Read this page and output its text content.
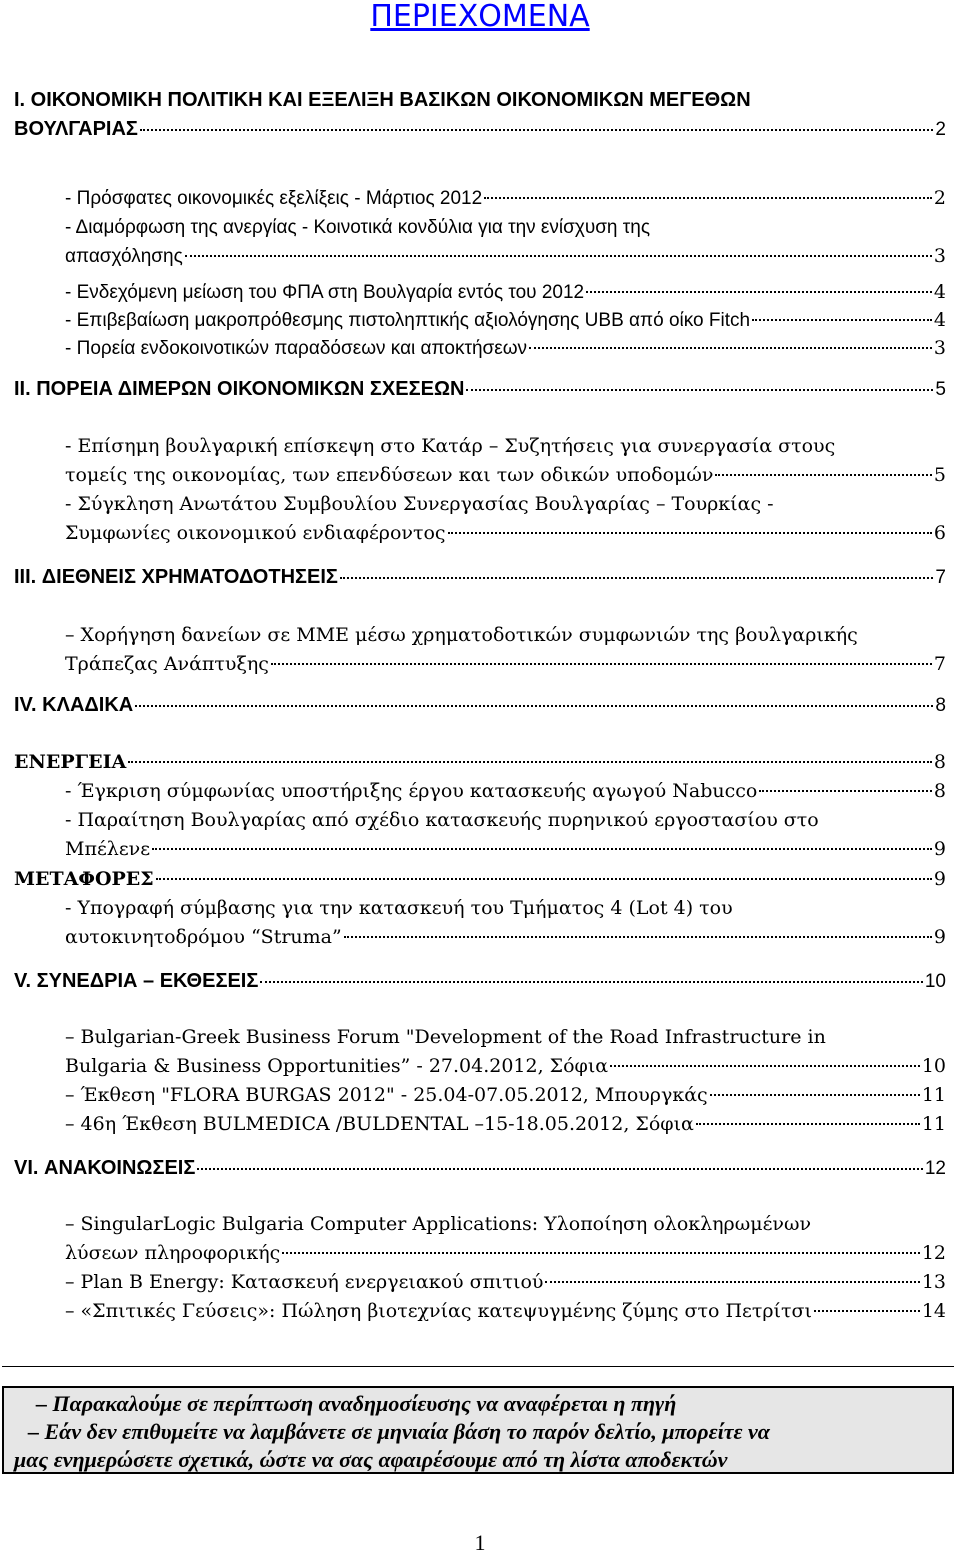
ΠΕΡΙΕΧΟΜΕΝΑ
I. ΟΙΚΟΝΟΜΙΚΗ ΠΟΛΙΤΙΚΗ ΚΑΙ ΕΞΕΛΙΞΗ ΒΑΣΙΚΩΝ ΟΙΚΟΝΟΜΙΚΩΝ ΜΕΓΕΘΩΝ
ΒΟΥΛΓΑΡΙΑΣ	2
- Πρόσφατες οικονομικές εξελίξεις - Μάρτιος 2012	2
- Διαμόρφωση της ανεργίας - Κοινοτικά κονδύλια για την ενίσχυση της
απασχόλησης	3
- Ενδεχόμενη μείωση του ΦΠΑ στη Βουλγαρία εντός του 2012	4
- Επιβεβαίωση μακροπρόθεσμης πιστοληπτικής αξιολόγησης UBB από οίκο Fitch	4
- Πορεία ενδοκοινοτικών παραδόσεων και αποκτήσεων	3
II. ΠΟΡΕΙΑ ΔΙΜΕΡΩΝ ΟΙΚΟΝΟΜΙΚΩΝ ΣΧΕΣΕΩΝ	5
- Επίσημη βουλγαρική επίσκεψη στο Κατάρ – Συζητήσεις για συνεργασία στους
τομείς της οικονομίας, των επενδύσεων και των οδικών υποδομών	5
- Σύγκληση Ανωτάτου Συμβουλίου Συνεργασίας Βουλγαρίας – Τουρκίας -
Συμφωνίες οικονομικού ενδιαφέροντος	6
III. ΔΙΕΘΝΕΙΣ ΧΡΗΜΑΤΟΔΟΤΗΣΕΙΣ	7
– Χορήγηση δανείων σε ΜΜΕ μέσω χρηματοδοτικών συμφωνιών της βουλγαρικής
Τράπεζας Ανάπτυξης	7
IV. ΚΛΑΔΙΚΑ	8
ΕΝΕΡΓΕΙΑ	8
- Έγκριση σύμφωνίας υποστήριξης έργου κατασκευής αγωγού Nabucco	8
- Παραίτηση Βουλγαρίας από σχέδιο κατασκευής πυρηνικού εργοστασίου στο
Μπέλενε	9
ΜΕΤΑΦΟΡΕΣ	9
- Υπογραφή σύμβασης για την κατασκευή του Τμήματος 4 (Lot 4) του
αυτοκινητοδρόμου “Struma”	9
V. ΣΥΝΕΔΡΙΑ – ΕΚΘΕΣΕΙΣ	10
– Bulgarian-Greek Business Forum "Development of the Road Infrastructure in
Bulgaria & Business Opportunities” - 27.04.2012, Σόφια	10
– Έκθεση "FLORA BURGAS 2012" - 25.04-07.05.2012, Μπουργκάς	11
– 46η Έκθεση BULMEDICA /BULDENTAL –15-18.05.2012, Σόφια	11
VI. ΑΝΑΚΟΙΝΩΣΕΙΣ	12
– SingularLogic Bulgaria Computer Applications: Υλοποίηση ολοκληρωμένων
λύσεων πληροφορικής	12
– Plan B Energy: Κατασκευή ενεργειακού σπιτιού	13
– «Σπιτικές Γεύσεις»: Πώληση βιοτεχνίας κατεψυγμένης ζύμης στο Πετρίτσι	14
– Παρακαλούμε σε περίπτωση αναδημοσίευσης να αναφέρεται η πηγή
– Εάν δεν επιθυμείτε να λαμβάνετε σε μηνιαία βάση το παρόν δελτίο, μπορείτε να
μας ενημερώσετε σχετικά, ώστε να σας αφαιρέσουμε από τη λίστα αποδεκτών
1
